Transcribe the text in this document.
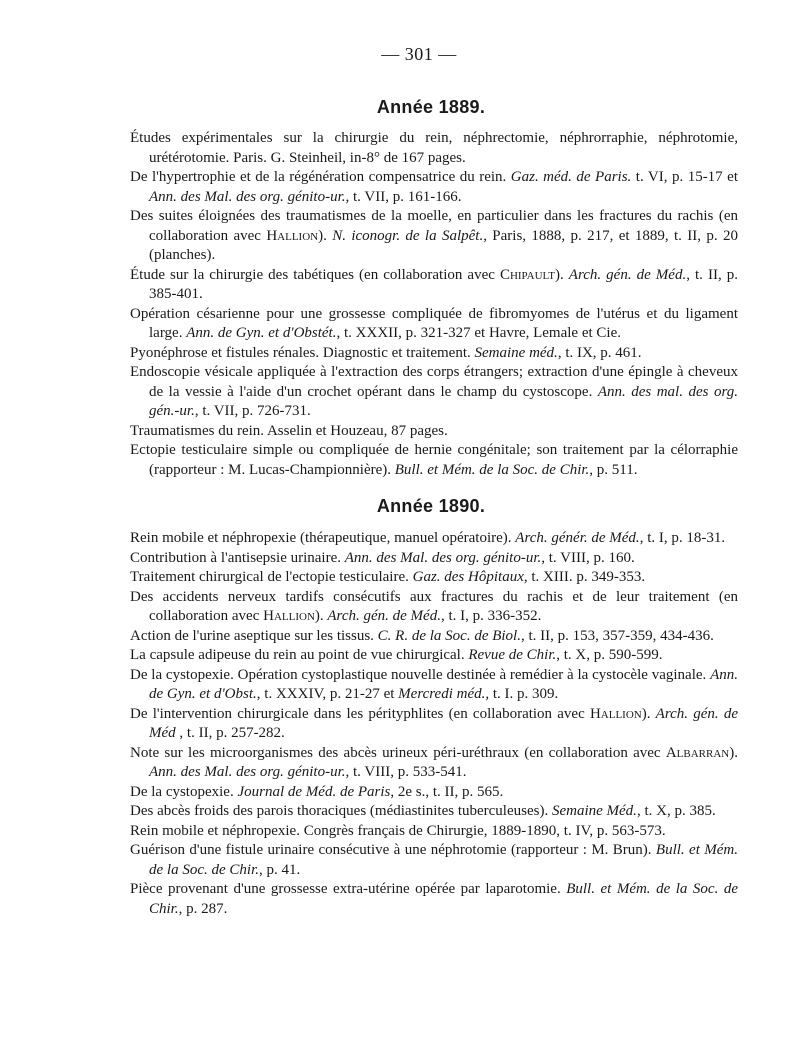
— 301 —
Année 1889.
Études expérimentales sur la chirurgie du rein, néphrectomie, néphrorraphie, néphrotomie, urétérotomie. Paris. G. Steinheil, in-8° de 167 pages.
De l'hypertrophie et de la régénération compensatrice du rein. Gaz. méd. de Paris. t. VI, p. 15-17 et Ann. des Mal. des org. génito-ur., t. VII, p. 161-166.
Des suites éloignées des traumatismes de la moelle, en particulier dans les fractures du rachis (en collaboration avec Hallion). N. iconogr. de la Salpêt., Paris, 1888, p. 217, et 1889, t. II, p. 20 (planches).
Étude sur la chirurgie des tabétiques (en collaboration avec Chipault). Arch. gén. de Méd., t. II, p. 385-401.
Opération césarienne pour une grossesse compliquée de fibromyomes de l'utérus et du ligament large. Ann. de Gyn. et d'Obstét., t. XXXII, p. 321-327 et Havre, Lemale et Cie.
Pyonéphrose et fistules rénales. Diagnostic et traitement. Semaine méd., t. IX, p. 461.
Endoscopie vésicale appliquée à l'extraction des corps étrangers; extraction d'une épingle à cheveux de la vessie à l'aide d'un crochet opérant dans le champ du cystoscope. Ann. des mal. des org. gén.-ur., t. VII, p. 726-731.
Traumatismes du rein. Asselin et Houzeau, 87 pages.
Ectopie testiculaire simple ou compliquée de hernie congénitale; son traitement par la célorraphie (rapporteur : M. Lucas-Championnière). Bull. et Mém. de la Soc. de Chir., p. 511.
Année 1890.
Rein mobile et néphropexie (thérapeutique, manuel opératoire). Arch. génér. de Méd., t. I, p. 18-31.
Contribution à l'antisepsie urinaire. Ann. des Mal. des org. génito-ur., t. VIII, p. 160.
Traitement chirurgical de l'ectopie testiculaire. Gaz. des Hôpitaux, t. XIII. p. 349-353.
Des accidents nerveux tardifs consécutifs aux fractures du rachis et de leur traitement (en collaboration avec Hallion). Arch. gén. de Méd., t. I, p. 336-352.
Action de l'urine aseptique sur les tissus. C. R. de la Soc. de Biol., t. II, p. 153, 357-359, 434-436.
La capsule adipeuse du rein au point de vue chirurgical. Revue de Chir., t. X, p. 590-599.
De la cystopexie. Opération cystoplastique nouvelle destinée à remédier à la cystocèle vaginale. Ann. de Gyn. et d'Obst., t. XXXIV, p. 21-27 et Mercredi méd., t. I. p. 309.
De l'intervention chirurgicale dans les pérityphlites (en collaboration avec Hallion). Arch. gén. de Méd , t. II, p. 257-282.
Note sur les microorganismes des abcès urineux péri-uréthraux (en collaboration avec Albarran). Ann. des Mal. des org. génito-ur., t. VIII, p. 533-541.
De la cystopexie. Journal de Méd. de Paris, 2e s., t. II, p. 565.
Des abcès froids des parois thoraciques (médiastinites tuberculeuses). Semaine Méd., t. X, p. 385.
Rein mobile et néphropexie. Congrès français de Chirurgie, 1889-1890, t. IV, p. 563-573.
Guérison d'une fistule urinaire consécutive à une néphrotomie (rapporteur : M. Brun). Bull. et Mém. de la Soc. de Chir., p. 41.
Pièce provenant d'une grossesse extra-utérine opérée par laparotomie. Bull. et Mém. de la Soc. de Chir., p. 287.
